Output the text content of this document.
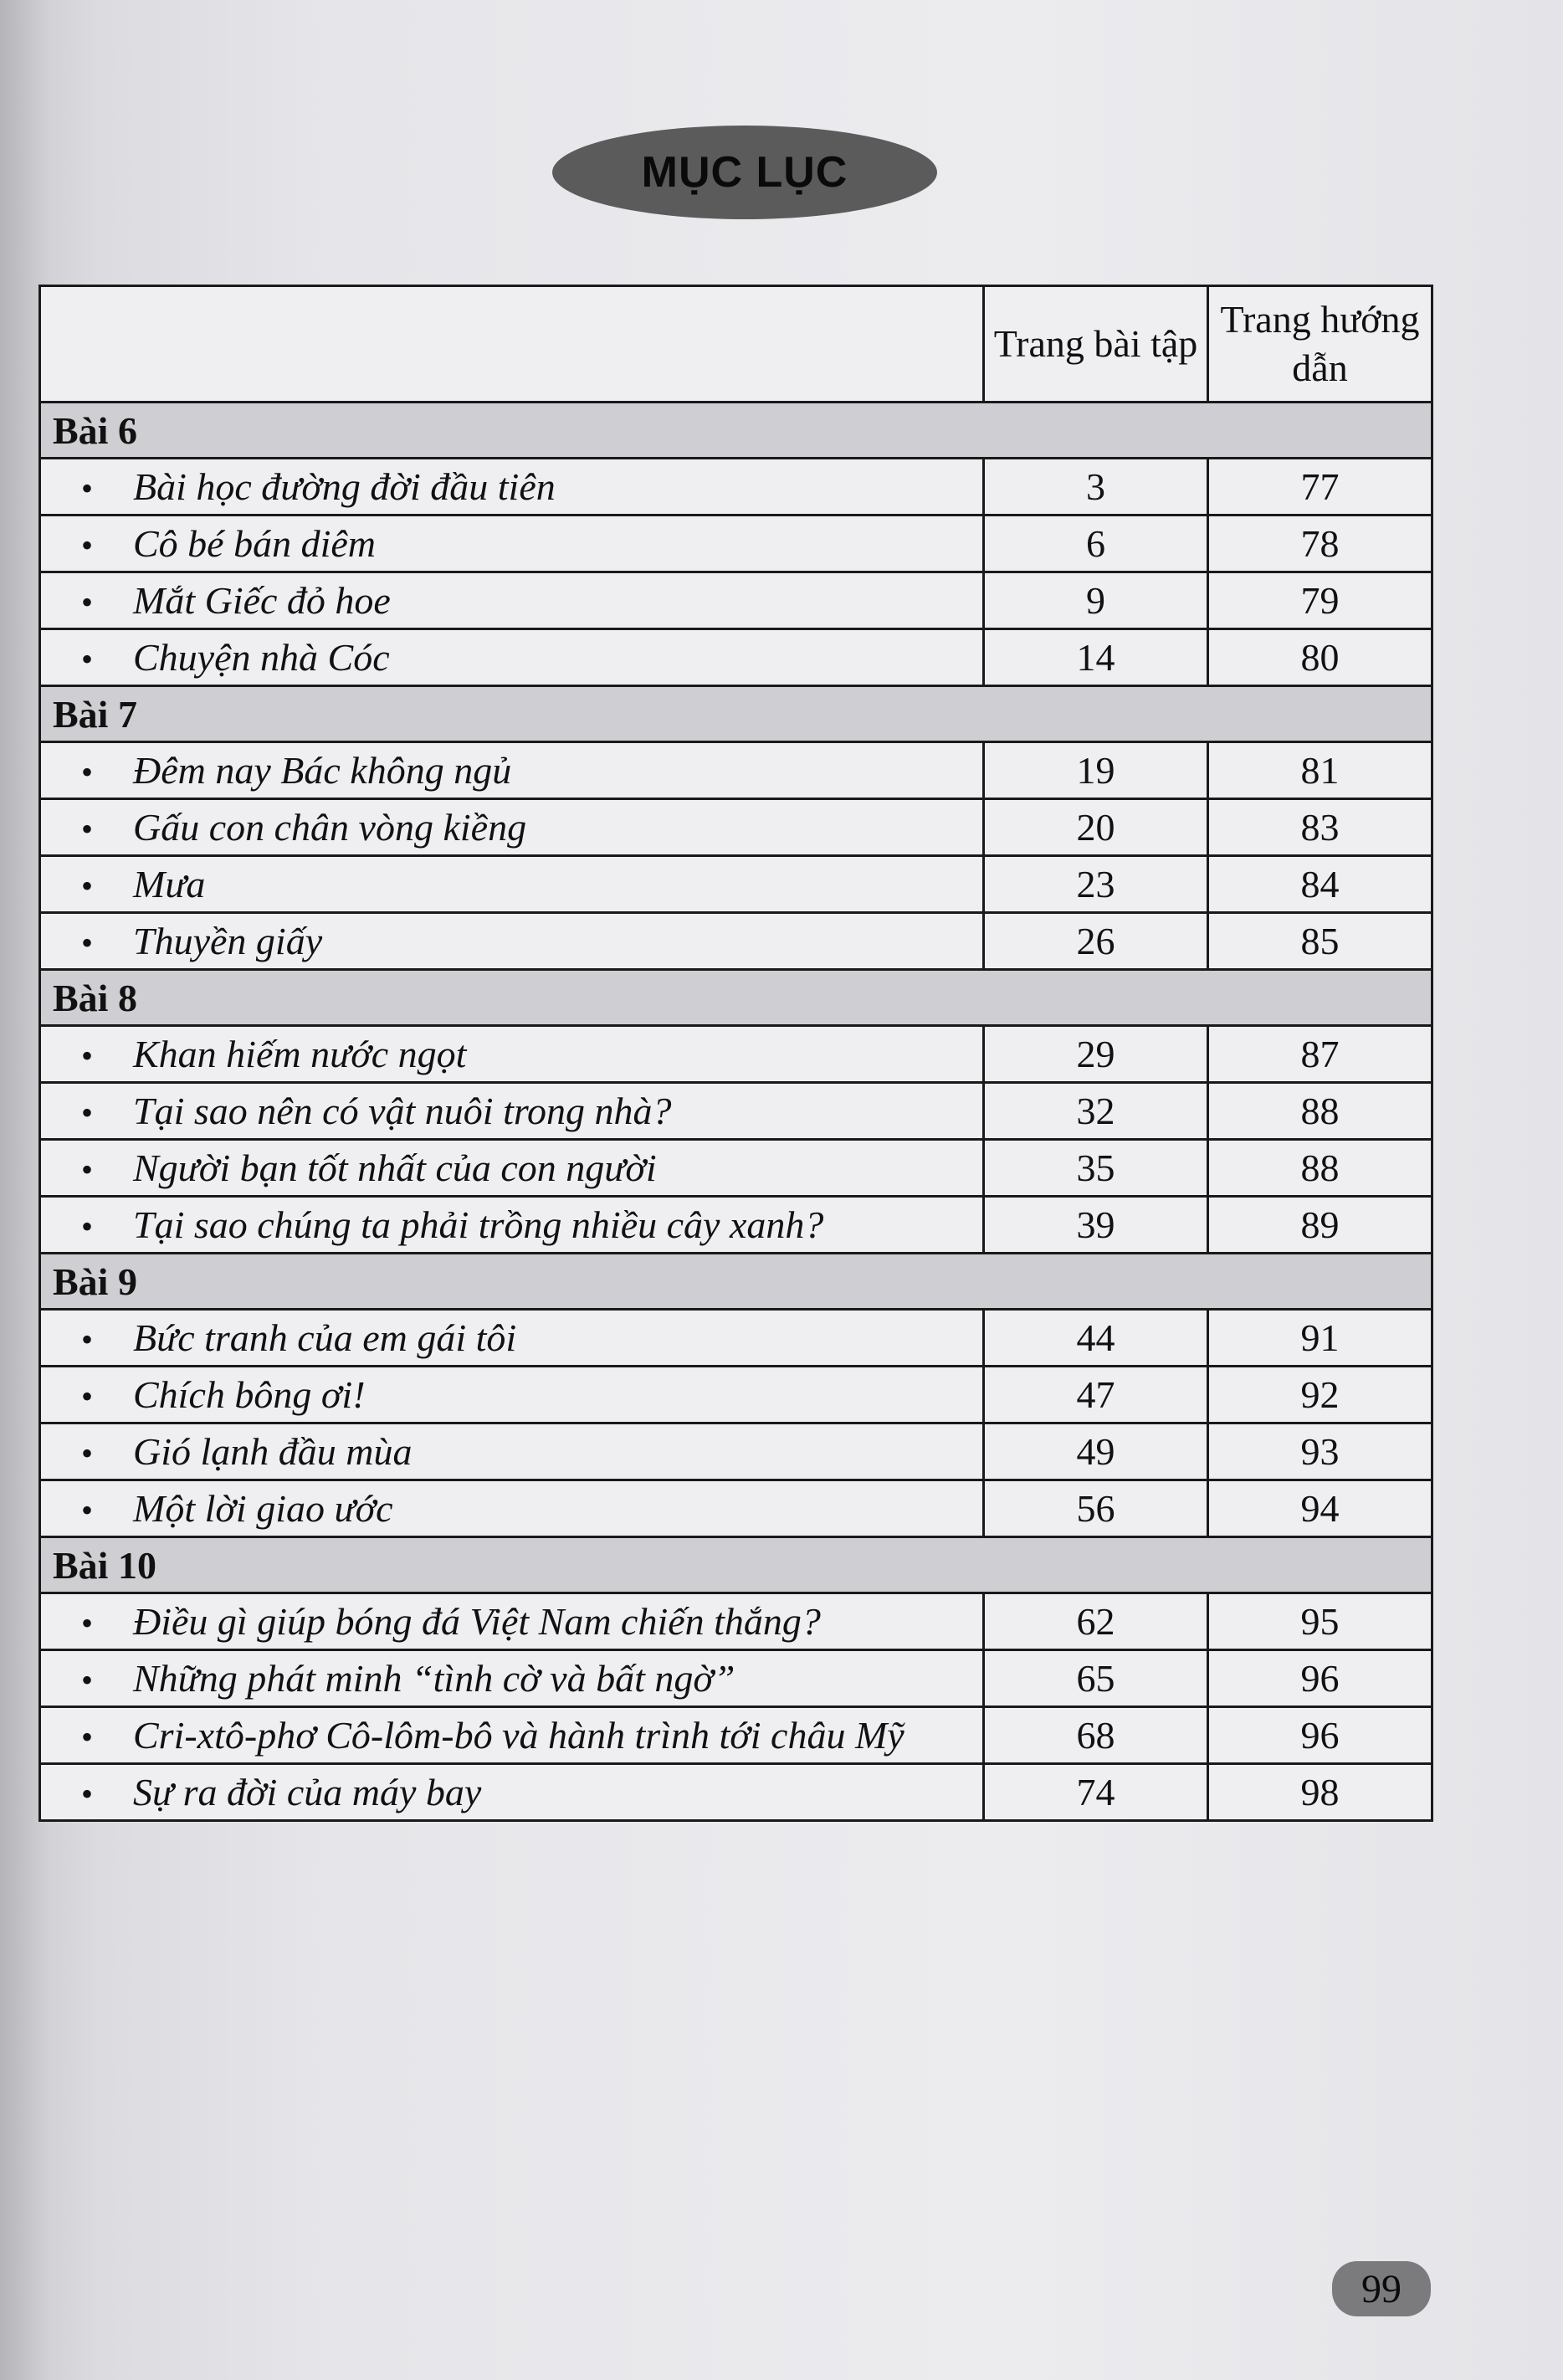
MỤC LỤC
	Trang bài tập	Trang hướng dẫn
Bài 6		
• Bài học đường đời đầu tiên	3	77
• Cô bé bán diêm	6	78
• Mắt Giếc đỏ hoe	9	79
• Chuyện nhà Cóc	14	80
Bài 7		
• Đêm nay Bác không ngủ	19	81
• Gấu con chân vòng kiềng	20	83
• Mưa	23	84
• Thuyền giấy	26	85
Bài 8		
• Khan hiếm nước ngọt	29	87
• Tại sao nên có vật nuôi trong nhà?	32	88
• Người bạn tốt nhất của con người	35	88
• Tại sao chúng ta phải trồng nhiều cây xanh?	39	89
Bài 9		
• Bức tranh của em gái tôi	44	91
• Chích bông ơi!	47	92
• Gió lạnh đầu mùa	49	93
• Một lời giao ước	56	94
Bài 10		
• Điều gì giúp bóng đá Việt Nam chiến thắng?	62	95
• Những phát minh “tình cờ và bất ngờ”	65	96
• Cri-xtô-phơ Cô-lôm-bô và hành trình tới châu Mỹ	68	96
• Sự ra đời của máy bay	74	98
99
